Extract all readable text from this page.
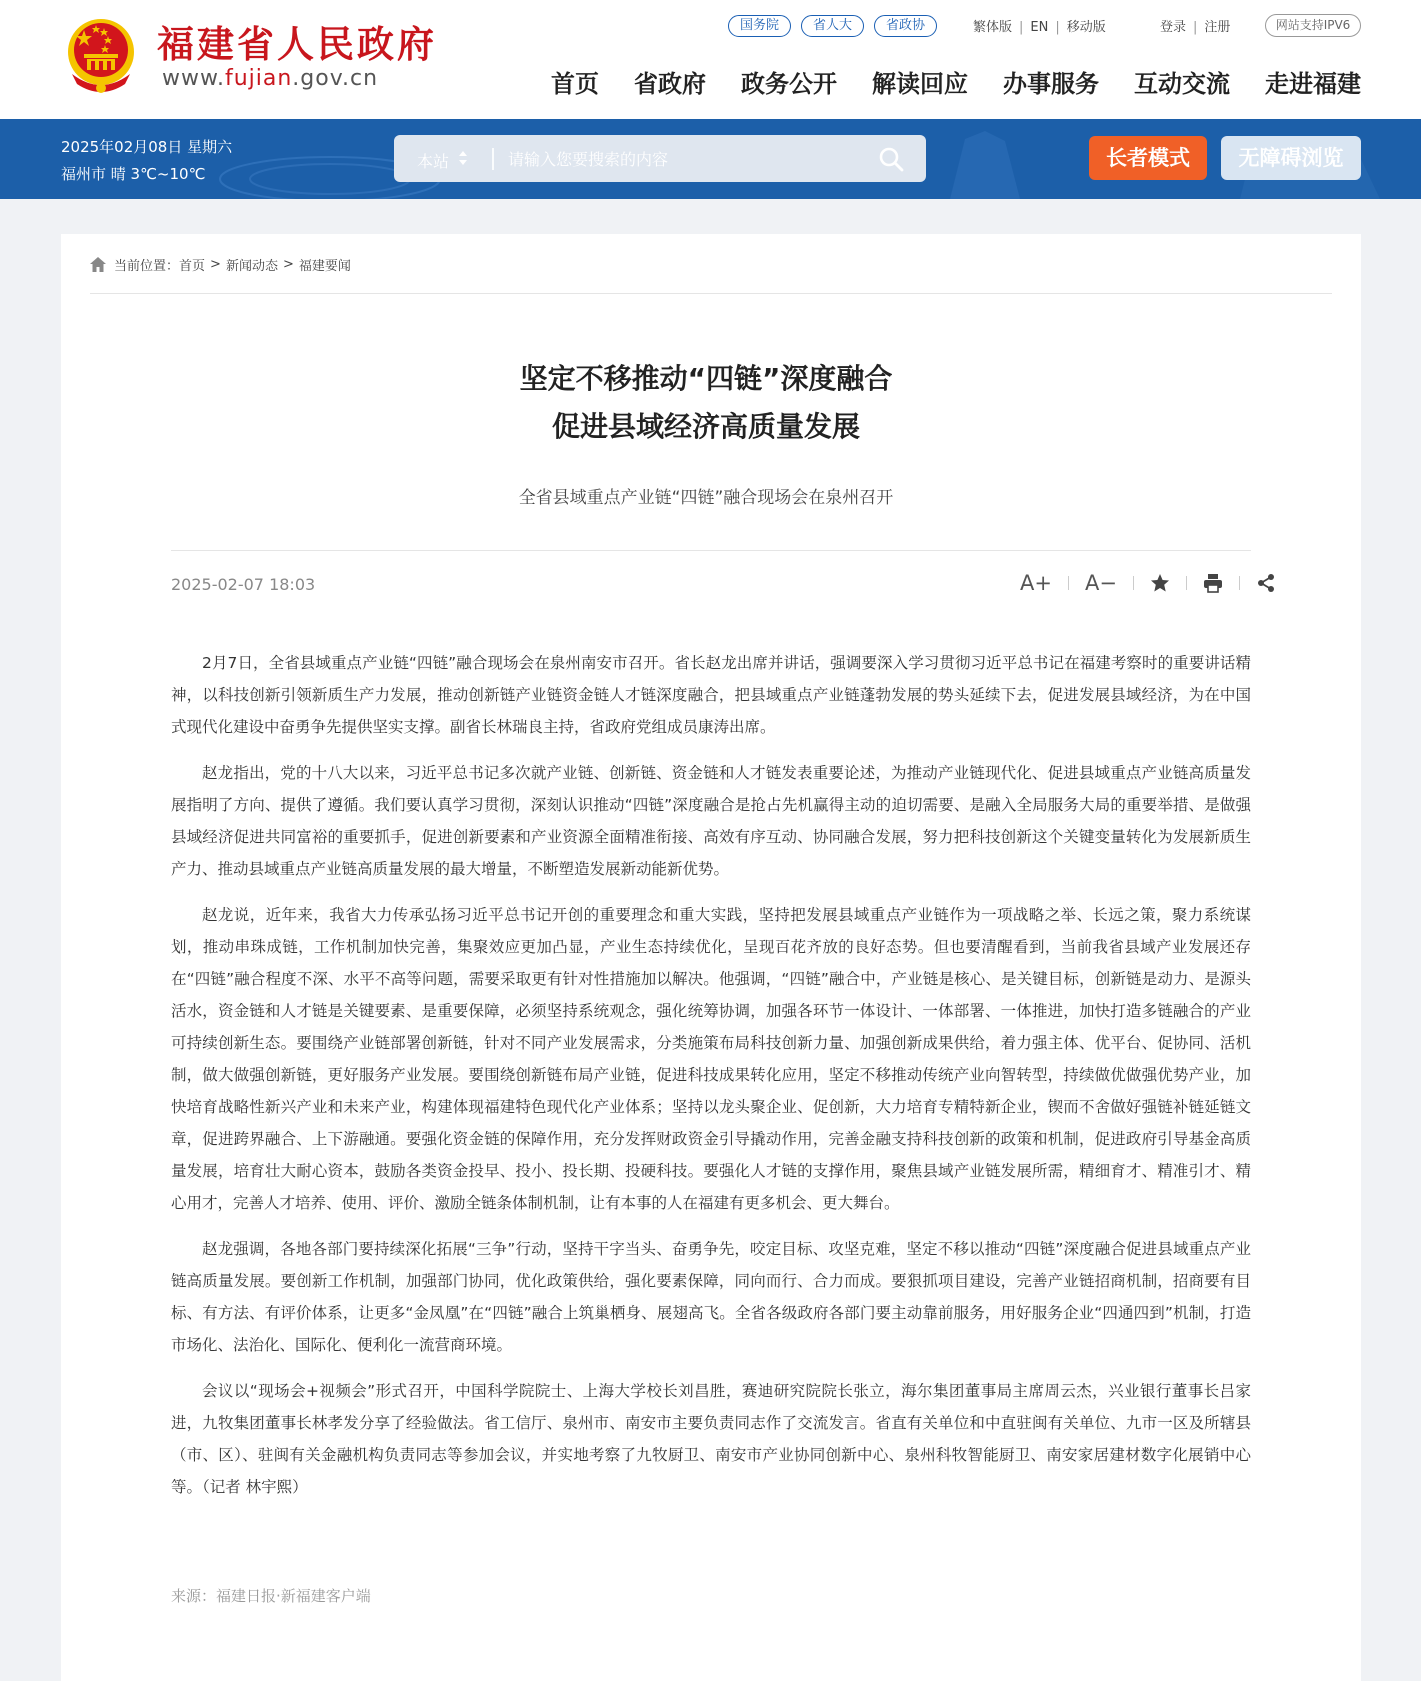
福建省人民政府
www.fujian.gov.cn
国务院	省人大	省政协	繁体版 | EN | 移动版	登录 | 注册	网站支持IPV6
首页 省政府 政务公开 解读回应 办事服务 互动交流 走进福建
2025年02月08日 星期六
福州市 晴 3℃~10℃
本站
请输入您要搜索的内容	长者模式	无障碍浏览
当前位置： 首页 > 新闻动态 > 福建要闻
坚定不移推动“四链”深度融合
促进县域经济高质量发展
全省县域重点产业链“四链”融合现场会在泉州召开
2025-02-07 18:03	A+ A−

2月7日，全省县域重点产业链“四链”融合现场会在泉州南安市召开。省长赵龙出席并讲话，强调要深入学习贯彻习近平总书记在福建考察时的重要讲话精神，以科技创新引领新质生产力发展，推动创新链产业链资金链人才链深度融合，把县域重点产业链蓬勃发展的势头延续下去，促进发展县域经济，为在中国式现代化建设中奋勇争先提供坚实支撑。副省长林瑞良主持，省政府党组成员康涛出席。

赵龙指出，党的十八大以来，习近平总书记多次就产业链、创新链、资金链和人才链发表重要论述，为推动产业链现代化、促进县域重点产业链高质量发展指明了方向、提供了遵循。我们要认真学习贯彻，深刻认识推动“四链”深度融合是抢占先机赢得主动的迫切需要、是融入全局服务大局的重要举措、是做强县域经济促进共同富裕的重要抓手，促进创新要素和产业资源全面精准衔接、高效有序互动、协同融合发展，努力把科技创新这个关键变量转化为发展新质生产力、推动县域重点产业链高质量发展的最大增量，不断塑造发展新动能新优势。

赵龙说，近年来，我省大力传承弘扬习近平总书记开创的重要理念和重大实践，坚持把发展县域重点产业链作为一项战略之举、长远之策，聚力系统谋划，推动串珠成链，工作机制加快完善，集聚效应更加凸显，产业生态持续优化，呈现百花齐放的良好态势。但也要清醒看到，当前我省县域产业发展还存在“四链”融合程度不深、水平不高等问题，需要采取更有针对性措施加以解决。他强调，“四链”融合中，产业链是核心、是关键目标，创新链是动力、是源头活水，资金链和人才链是关键要素、是重要保障，必须坚持系统观念，强化统筹协调，加强各环节一体设计、一体部署、一体推进，加快打造多链融合的产业可持续创新生态。要围绕产业链部署创新链，针对不同产业发展需求，分类施策布局科技创新力量、加强创新成果供给，着力强主体、优平台、促协同、活机制，做大做强创新链，更好服务产业发展。要围绕创新链布局产业链，促进科技成果转化应用，坚定不移推动传统产业向智转型，持续做优做强优势产业，加快培育战略性新兴产业和未来产业，构建体现福建特色现代化产业体系；坚持以龙头聚企业、促创新，大力培育专精特新企业，锲而不舍做好强链补链延链文章，促进跨界融合、上下游融通。要强化资金链的保障作用，充分发挥财政资金引导撬动作用，完善金融支持科技创新的政策和机制，促进政府引导基金高质量发展，培育壮大耐心资本，鼓励各类资金投早、投小、投长期、投硬科技。要强化人才链的支撑作用，聚焦县域产业链发展所需，精细育才、精准引才、精心用才，完善人才培养、使用、评价、激励全链条体制机制，让有本事的人在福建有更多机会、更大舞台。

赵龙强调，各地各部门要持续深化拓展“三争”行动，坚持干字当头、奋勇争先，咬定目标、攻坚克难，坚定不移以推动“四链”深度融合促进县域重点产业链高质量发展。要创新工作机制，加强部门协同，优化政策供给，强化要素保障，同向而行、合力而成。要狠抓项目建设，完善产业链招商机制，招商要有目标、有方法、有评价体系，让更多“金凤凰”在“四链”融合上筑巢栖身、展翅高飞。全省各级政府各部门要主动靠前服务，用好服务企业“四通四到”机制，打造市场化、法治化、国际化、便利化一流营商环境。

会议以“现场会+视频会”形式召开，中国科学院院士、上海大学校长刘昌胜，赛迪研究院院长张立，海尔集团董事局主席周云杰，兴业银行董事长吕家进，九牧集团董事长林孝发分享了经验做法。省工信厅、泉州市、南安市主要负责同志作了交流发言。省直有关单位和中直驻闽有关单位、九市一区及所辖县（市、区）、驻闽有关金融机构负责同志等参加会议，并实地考察了九牧厨卫、南安市产业协同创新中心、泉州科牧智能厨卫、南安家居建材数字化展销中心等。（记者 林宇熙）

来源：福建日报·新福建客户端
